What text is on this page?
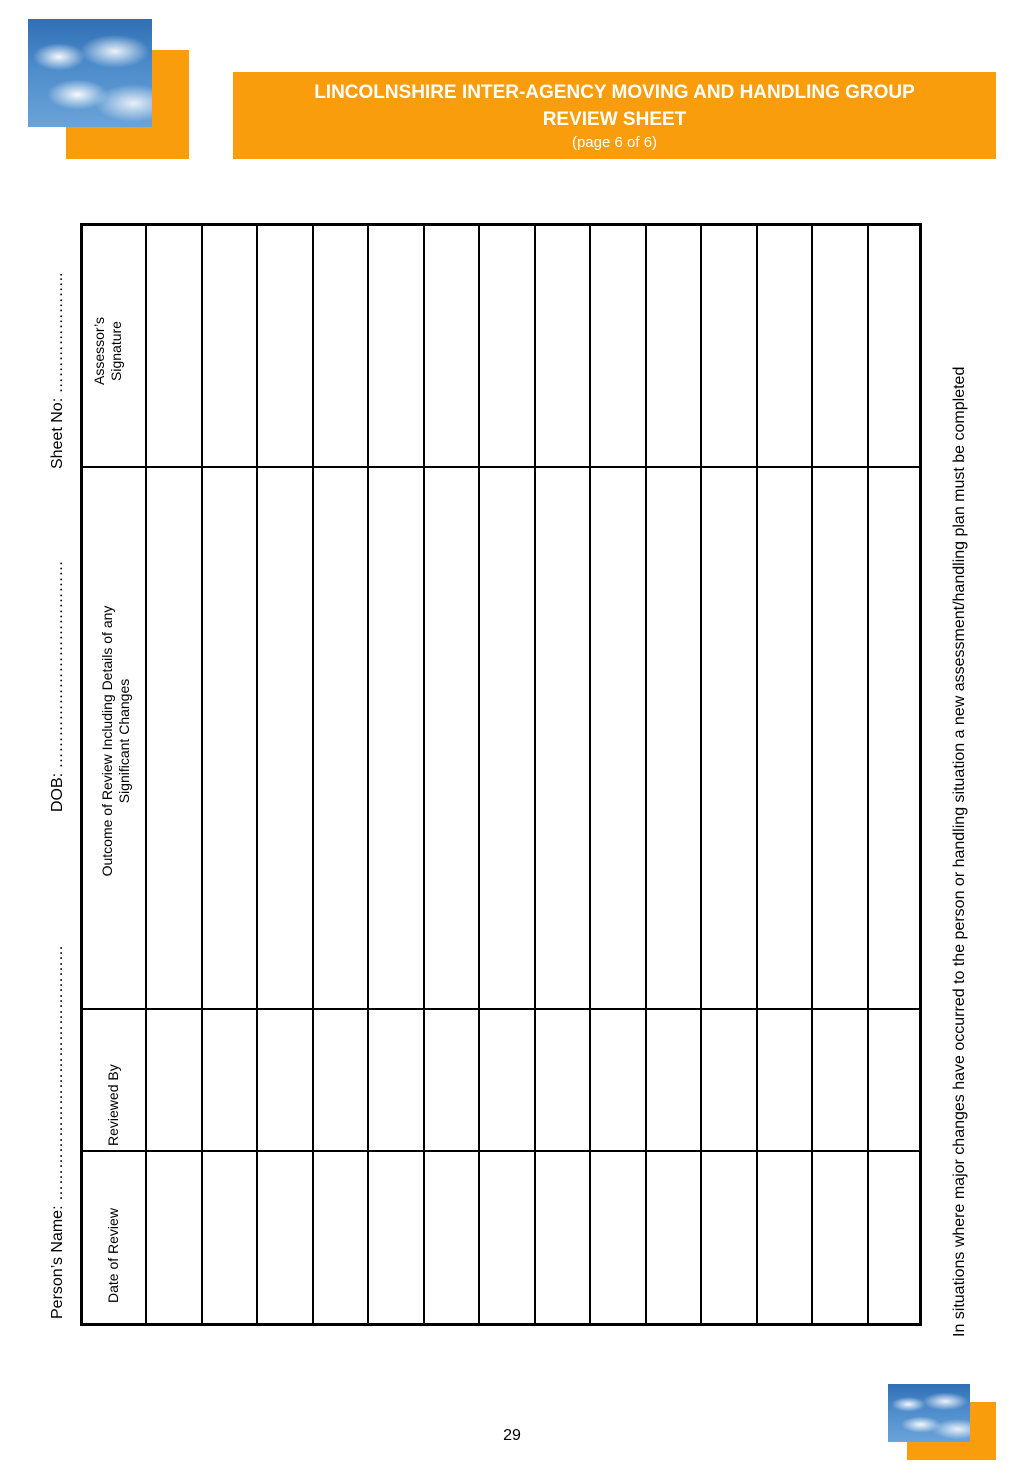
LINCOLNSHIRE INTER-AGENCY MOVING AND HANDLING GROUP
REVIEW SHEET
(page 6 of 6)
Person’s Name: …………………………………………
DOB: …………………………………
Sheet No: …………………..
Date of Review
Reviewed By
Outcome of Review Including Details of any Significant Changes
Assessor’s Signature
In situations where major changes have occurred to the person or handling situation a new assessment/handling plan must be completed
29
